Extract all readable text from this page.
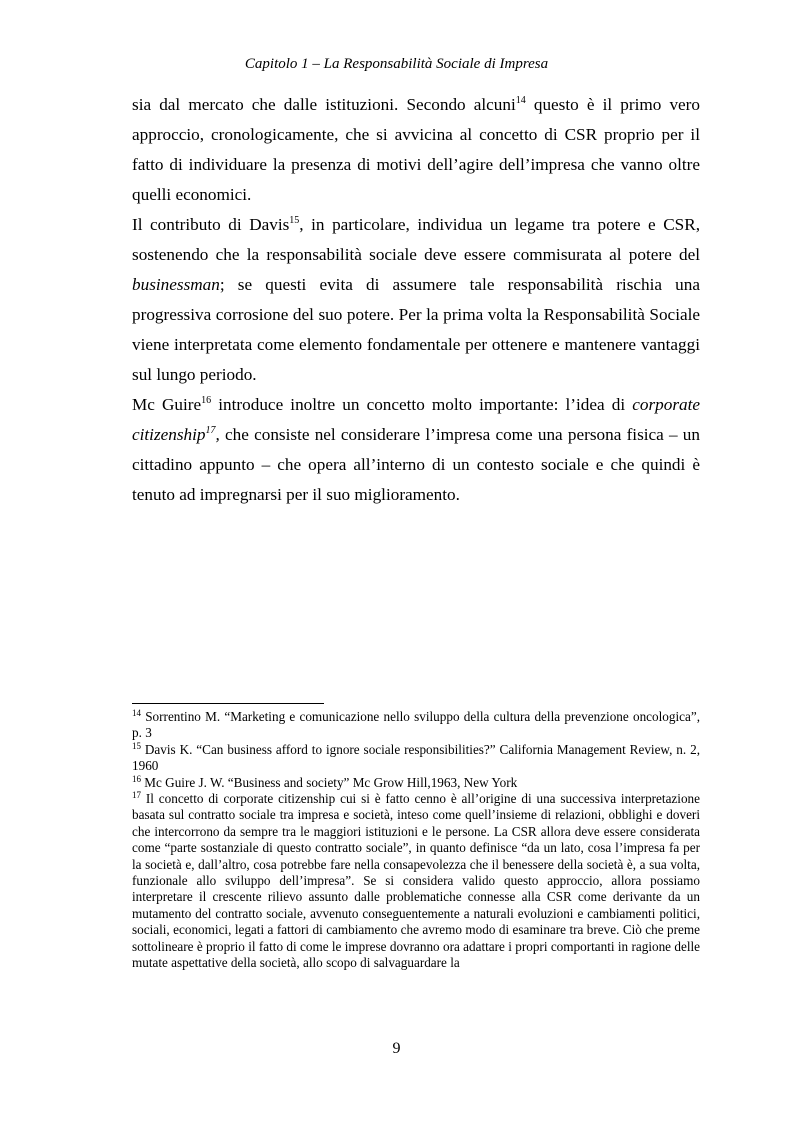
Capitolo 1 – La Responsabilità Sociale di Impresa

sia dal mercato che dalle istituzioni. Secondo alcuni$^{14}$ questo è il primo vero approccio, cronologicamente, che si avvicina al concetto di CSR proprio per il fatto di individuare la presenza di motivi dell’agire dell’impresa che vanno oltre quelli economici.

Il contributo di Davis$^{15}$, in particolare, individua un legame tra potere e CSR, sostenendo che la responsabilità sociale deve essere commisurata al potere del businessman; se questi evita di assumere tale responsabilità rischia una progressiva corrosione del suo potere. Per la prima volta la Responsabilità Sociale viene interpretata come elemento fondamentale per ottenere e mantenere vantaggi sul lungo periodo.

Mc Guire$^{16}$ introduce inoltre un concetto molto importante: l’idea di corporate citizenship$^{17}$, che consiste nel considerare l’impresa come una persona fisica – un cittadino appunto – che opera all’interno di un contesto sociale e che quindi è tenuto ad impregnarsi per il suo miglioramento.

$^{14}$ Sorrentino M. “Marketing e comunicazione nello sviluppo della cultura della prevenzione oncologica”, p. 3

$^{15}$ Davis K. “Can business afford to ignore sociale responsibilities?” California Management Review, n. 2, 1960

$^{16}$ Mc Guire J. W. “Business and society” Mc Grow Hill,1963, New York

$^{17}$ Il concetto di corporate citizenship cui si è fatto cenno è all’origine di una successiva interpretazione basata sul contratto sociale tra impresa e società, inteso come quell’insieme di relazioni, obblighi e doveri che intercorrono da sempre tra le maggiori istituzioni e le persone. La CSR allora deve essere considerata come “parte sostanziale di questo contratto sociale”, in quanto definisce “da un lato, cosa l’impresa fa per la società e, dall’altro, cosa potrebbe fare nella consapevolezza che il benessere della società è, a sua volta, funzionale allo sviluppo dell’impresa”. Se si considera valido questo approccio, allora possiamo interpretare il crescente rilievo assunto dalle problematiche connesse alla CSR come derivante da un mutamento del contratto sociale, avvenuto conseguentemente a naturali evoluzioni e cambiamenti politici, sociali, economici, legati a fattori di cambiamento che avremo modo di esaminare tra breve. Ciò che preme sottolineare è proprio il fatto di come le imprese dovranno ora adattare i propri comportanti in ragione delle mutate aspettative della società, allo scopo di salvaguardare la

9
